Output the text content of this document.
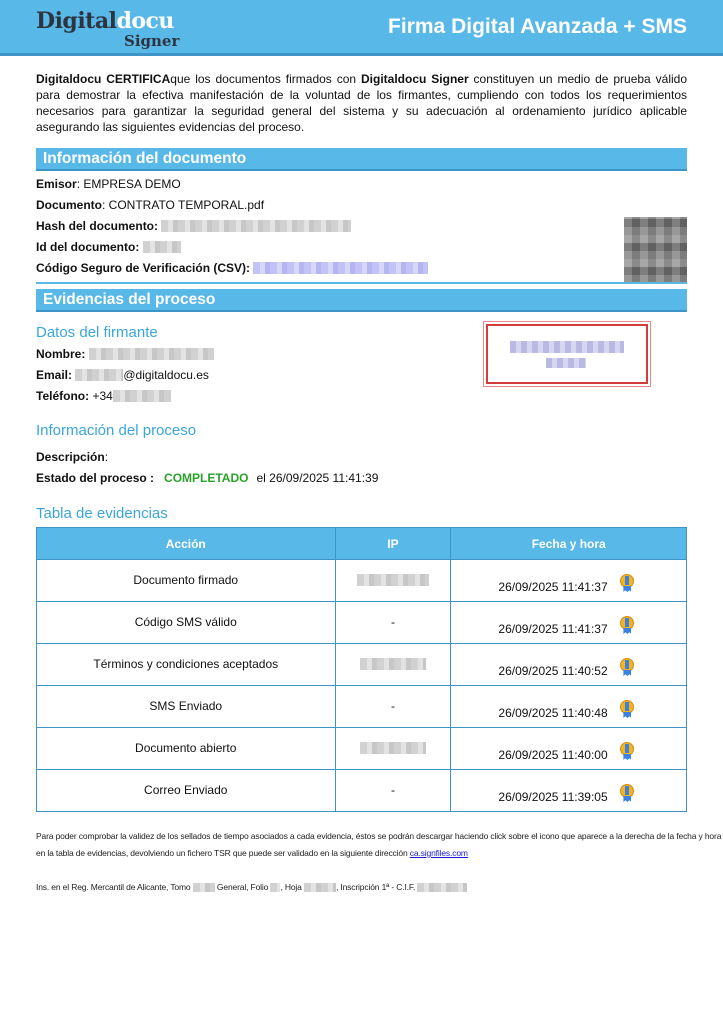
Digitaldocu
Signer
Firma Digital Avanzada + SMS
Digitaldocu CERTIFICAque los documentos firmados con Digitaldocu Signer constituyen un medio de prueba válido para demostrar la efectiva manifestación de la voluntad de los firmantes, cumpliendo con todos los requerimientos necesarios para garantizar la seguridad general del sistema y su adecuación al ordenamiento jurídico aplicable asegurando las siguientes evidencias del proceso.
Información del documento
Emisor: EMPRESA DEMO
Documento: CONTRATO TEMPORAL.pdf
Hash del documento:
Id del documento:
Código Seguro de Verificación (CSV):
Evidencias del proceso
Datos del firmante
Nombre:
Email:	@digitaldocu.es
Teléfono: +34
Información del proceso
Descripción:
Estado del proceso : COMPLETADO el 26/09/2025 11:41:39
Tabla de evidencias
Acción	IP	Fecha y hora
Documento firmado		26/09/2025 11:41:37

Código SMS válido	-	26/09/2025 11:41:37

Términos y condiciones aceptados		26/09/2025 11:40:52

SMS Enviado	-	26/09/2025 11:40:48

Documento abierto		26/09/2025 11:40:00

Correo Enviado	-	26/09/2025 11:39:05
Para poder comprobar la validez de los sellados de tiempo asociados a cada evidencia, éstos se podrán descargar haciendo click sobre el icono que aparece a la derecha de la fecha y hora
en la tabla de evidencias, devolviendo un fichero TSR que puede ser validado en la siguiente dirección ca.signfiles.com
Ins. en el Reg. Mercantil de Alicante, Tomo	General, Folio , Hoja	, Inscripción 1ª - C.I.F.
